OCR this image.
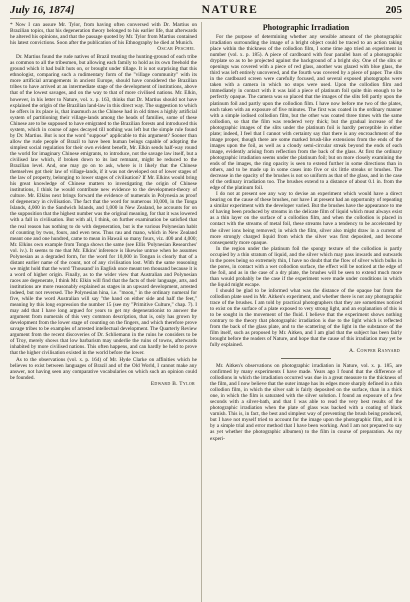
July 16, 1874]	NATURE	205

* Now I can assure Mr. Tylor, from having often conversed with Dr. Martius on Brazilian topics, that his degeneration theory belonged to his earlier life, that afterwards he altered his opinions, and that the passage quoted by Mr. Tylor from Martius contained his latest convictions. Soon after the publication of his Ethnography he died at Munich.

Oscar Peschel

Dr. Martius found the rude natives of Brazil treating the hunting-ground of each tribe as common to all the tribesmen, but allowing each family to hold as its own freehold the ground which it had built huts on, or brought under tillage. It is not surprising that this ethnologist, comparing such a rudimentary form of the "village community" with its more artificial arrangements in ancient Europe, should have considered the Brazilian tribes to have arrived at an intermediate stage of the development of institutions, above that of the lowest savages, and on the way to that of more civilised nations. Mr. Elkin, however, in his letter to Nature, vol. x. p. 163, thinks that Dr. Martius should not have explained the origin of the Brazilian land-law in this direct way. The suggestion to which he offers in its place is, that inasmuch as the Chinese had in old times a highly artificial system of partitioning their village-lands among the heads of families, some of these Chinese are to be supposed to have emigrated to the Brazilian forests and introduced this system, which in course of ages decayed till nothing was left but the simple rule found by Dr. Martius. But is not the word "suppose" applicable to this argument? Sooner than allow the rude people of Brazil to have been human beings capable of adopting the simplest social regulation for their own evident benefit, Mr. Elkin sends half-way round the world for imaginary Chinese emigrants, to introduce, not the savage law itself, but a civilised law which, if broken down to its last remnant, might be reduced to the Brazilian level. And, one may go on to ask, where is it likely that the Chinese themselves got their law of village-lands, if it was not developed out of lower stages of the law of property, belonging to lower stages of civilisation? If Mr. Elkins would bring his great knowledge of Chinese matters to investigating the origin of Chinese institutions, I think he would contribute new evidence to the development-theory of culture. Mr. Elkins next brings forward the evidence of numerals in Polynesia as proof of degeneracy in civilisation. The fact that the word for numerous 10,000, in the Tonga Islands, 4,000 in the Sandwich Islands, and 1,000 in New Zealand, he accounts for on the supposition that the highest number was the original meaning, for that it was lowered with a fall in civilisation. But with all, I think, on further examination be satisfied that the real reason has nothing to do with degeneration, but is the various Polynesian habit of counting by twos, fours, and even tens. Thus rau and mano, which in New Zealand meant one and one hundred, came to mean in Hawaii so many fours, viz. 400 and 4,000; Mr. Elkins own example from Tonga shows the same (see Ellis 'Polynesian Researches' vol. iv.). It seems to me that Mr. Elkins' inference is likewise untrue when he assumes Polynesian as a degraded form, for the word for 10,000 in Tongan is clearly that of a distant earlier name of the count, not of any civilisation lost. With the same reasoning we might hold that the word 'Thousand' in English once meant ten thousand because it is a word of higher origin. Finally, as to the wider view that Australian and Polynesian races are degenerate, I think Mr. Elkin will find that the facts of their language, arts, and institutions are more reasonably explained as stages in an upward development, arrested indeed, but not reversed. The Polynesian hina, i.e. "moon," in the ordinary numeral for five, while the word Australian will say "the hand on either side and half the feet," meaning by this long expression the number 15 (see my "Primitive Culture," chap. 7). I may add that I have long argued for years to get my degenerationist to answer the argument from numerals of this very common description, that is, only has grown by development from the lower stage of counting on the fingers, and which therefore prove savage tribes to be examples of arrested intellectual development. The Quarterly Review argument from the recent discoveries of Dr. Schliemann in the ruins he considers to be of Troy, merely shows that low barbarism may underlie the ruins of towns, afterwards inhabited by more civilised nations. This often happens, and can hardly be held to prove that the higher civilisation existed in the world before the lower.

As to the observations (vol. x. p. 164) of Mr. Hyde Clarke on affinities which he believes to exist between languages of Brazil and of the Old World, I cannot make any answer, not having seen any comparative vocabularies on which such an opinion could be founded.

Edward B. Tylor
Photographic Irradiation

For the purpose of determining whether any sensible amount of the photographic irradiation surrounding the image of a bright object could be traced to an action taking place within the thickness of the collodion film, I some time ago tried an experiment in number (vol. x. p. 185). A piece of cardboard with four parallel bars of a photographic dryplate so as to be projected against the background of a bright sky. One of the slits or openings was covered with a piece of red glass, another was glazed with blue glass, the third was left entirely uncovered, and the fourth was covered by a piece of paper. The slits in the cardboard screen were carefully focused, and several exposed photographs were taken with a camera in which no stops were used. Upon the collodion film and immediately in contact with it was laid a piece of platinum foil quite thin enough to be perfectly opaque. The camera was so placed that the images of the slits fell partly upon the platinum foil and partly upon the collodion film. I have now before me two of the plates, each taken with an exposure of five minutes. The first was coated in the ordinary manner with a simple iodised collodion film, but the other was coated three times with the same collodion, so that the film was rendered very thick; but the gradual increase of the photographic images of the slits under the platinum foil is hardly perceptible in either plate; indeed, I feel that I cannot with certainty say that there is any encroachment of the image proper, though there are some marked brush-like extensions from the ends of the images upon the foil, as well as a cloudy semi-circular streak beyond the ends of each image, evidently arising from reflection from the back of the glass. At first the ordinary photographic irradiation seems under the platinum foil; but on more closely examining the ends of the images, the ring opacity is seen to extend further in some directions than in others, and to be made up in some cases into five or six little streaks or brushes. The decrease in the opacity of the brushes is not so uniform as that of the glass, and in the case of the ordinary irradiation too. The brushes extend to a distance of about 0.1 in. from the edge of the platinum foil.

I do not at present see any way to devise an experiment which would have a direct bearing on the cause of these brushes, nor have I at present had an opportunity of repeating a similar experiment with the developer varied. But the brushes have the appearance to me of having been produced by streams in the delicate film of liquid which must always exist as a thin layer on the surface of a collodion film, and when the collodion is placed in contact with the streams of metal foil, these streams have a tendency to be accelerated by the silver ions being removed; in which the film, silver also might draw in a current of more strongly charged liquid from which the silver was first deposited, and become consequently more opaque.

In the region under the platinum foil the spongy texture of the collodion is partly occupied by a thin stratum of liquid, and the silver which may pass inwards and outwards in the pores being so extremely thin, I have no doubt that the flow of silver which bulks in the pores, in contact with a wet collodion surface, the effect will be noticed at the edge of the foil, and as in the case of a dry plate, the brushes will be seen to extend much more than would probably be the case if the experiment were made under conditions in which the liquid might escape.

I should be glad to be informed what was the distance of the opaque bar from the collodion plate used in Mr. Aitken's experiment, and whether there is not any photographic trace of the brushes. I am told by practical photographers that they are sometimes noticed to exist on the surface of a plate exposed to very strong light, and an explanation of this is to be sought in the movement of the fluid. I believe that the experiment shows nothing contrary to the theory that photographic irradiation is due to the light which is reflected from the back of the glass plate, and to the scattering of the light in the substance of the film itself, such as proposed by Mr. Aitken, and I am glad that the subject has been fairly brought before the readers of Nature, and hope that the cause of this irradiation may yet be fully explained.

A. Cowper Ranyard

Mr. Aitken's observations on photographic irradiation in Nature, vol. x. p. 185, are confirmed by many experiments I have made. Years ago I found that the difference of collodions in which the irradiation occurred was due in a great measure to the thickness of the film, and I now believe that the outer image has its edges more sharply defined in a thin collodion film, in which the silver salt is fairly deposited on the surface, than in a thick one, in which the film is saturated with the silver solution. I found an exposure of a few seconds with a silver-bath, and that I was able to read the very best results of the photographic irradiation when the plate of glass was backed with a coating of black varnish. This is, in fact, the best and simplest way of preventing the brush being produced, but I have not myself tried to account for the image upon the photographic film, and it is by a simple trial and error method that I have been working. And I am not prepared to say as yet whether the photographic albumen) to the film in course of preparation. As my experi-
